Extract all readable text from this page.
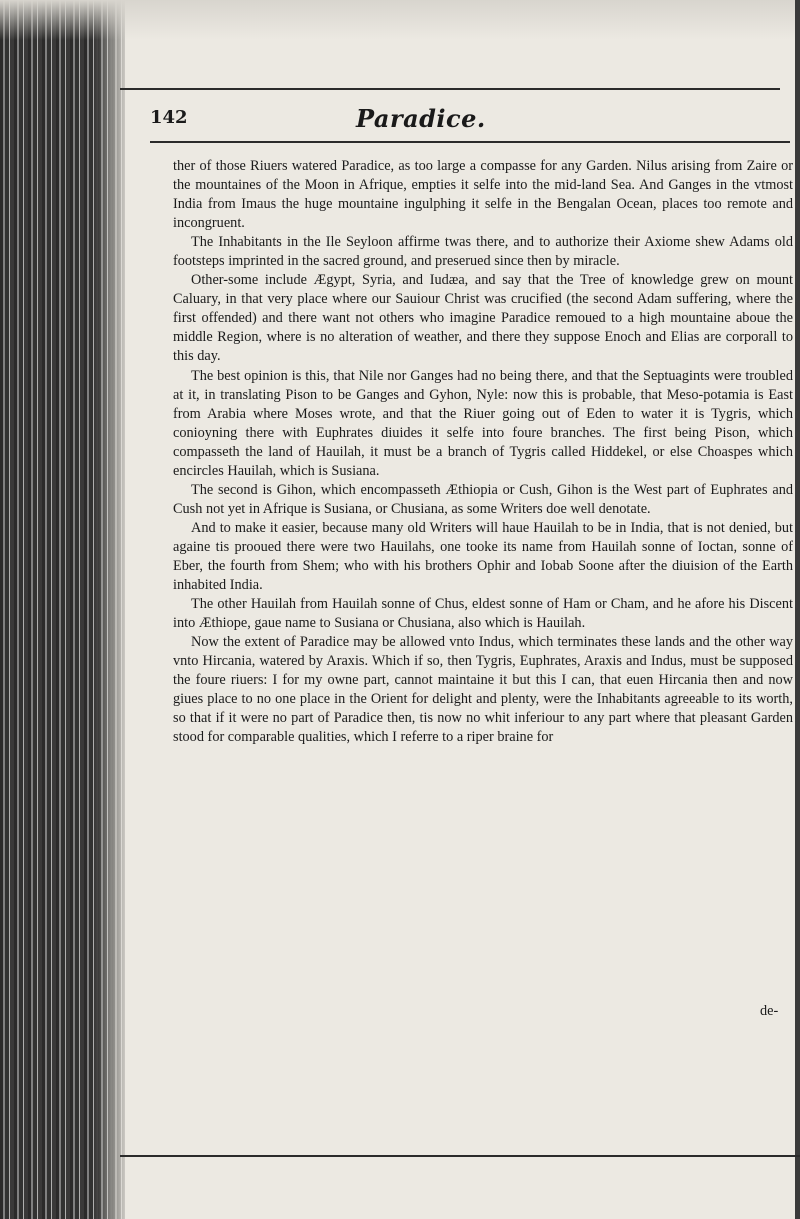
142	Paradice.

ther of those Riuers watered Paradice, as too large a compasse for any Garden. Nilus arising from Zaire or the mountaines of the Moon in Afrique, empties it selfe into the mid-land Sea. And Ganges in the vtmost India from Imaus the huge mountaine ingulphing it selfe in the Bengalan Ocean, places too remote and incongruent.

The Inhabitants in the Ile Seyloon affirme twas there, and to authorize their Axiome shew Adams old footsteps imprinted in the sacred ground, and preserued since then by miracle.

Other-some include Ægypt, Syria, and Iudæa, and say that the Tree of knowledge grew on mount Caluary, in that very place where our Sauiour Christ was crucified (the second Adam suffering, where the first offended) and there want not others who imagine Paradice remoued to a high mountaine aboue the middle Region, where is no alteration of weather, and there they suppose Enoch and Elias are corporall to this day.

The best opinion is this, that Nile nor Ganges had no being there, and that the Septuagints were troubled at it, in translating Pison to be Ganges and Gyhon, Nyle: now this is probable, that Meso-potamia is East from Arabia where Moses wrote, and that the Riuer going out of Eden to water it is Tygris, which conioyning there with Euphrates diuides it selfe into foure branches. The first being Pison, which compasseth the land of Hauilah, it must be a branch of Tygris called Hiddekel, or else Choaspes which encircles Hauilah, which is Susiana.

The second is Gihon, which encompasseth Æthiopia or Cush, Gihon is the West part of Euphrates and Cush not yet in Afrique is Susiana, or Chusiana, as some Writers doe well denotate.

And to make it easier, because many old Writers will haue Hauilah to be in India, that is not denied, but againe tis prooued there were two Hauilahs, one tooke its name from Hauilah sonne of Ioctan, sonne of Eber, the fourth from Shem; who with his brothers Ophir and Iobab Soone after the diuision of the Earth inhabited India.

The other Hauilah from Hauilah sonne of Chus, eldest sonne of Ham or Cham, and he afore his Discent into Æthiope, gaue name to Susiana or Chusiana, also which is Hauilah.

Now the extent of Paradice may be allowed vnto Indus, which terminates these lands and the other way vnto Hircania, watered by Araxis. Which if so, then Tygris, Euphrates, Araxis and Indus, must be supposed the foure riuers: I for my owne part, cannot maintaine it but this I can, that euen Hircania then and now giues place to no one place in the Orient for delight and plenty, were the Inhabitants agreeable to its worth, so that if it were no part of Paradice then, tis now no whit inferiour to any part where that pleasant Garden stood for comparable qualities, which I referre to a riper braine for

de-
